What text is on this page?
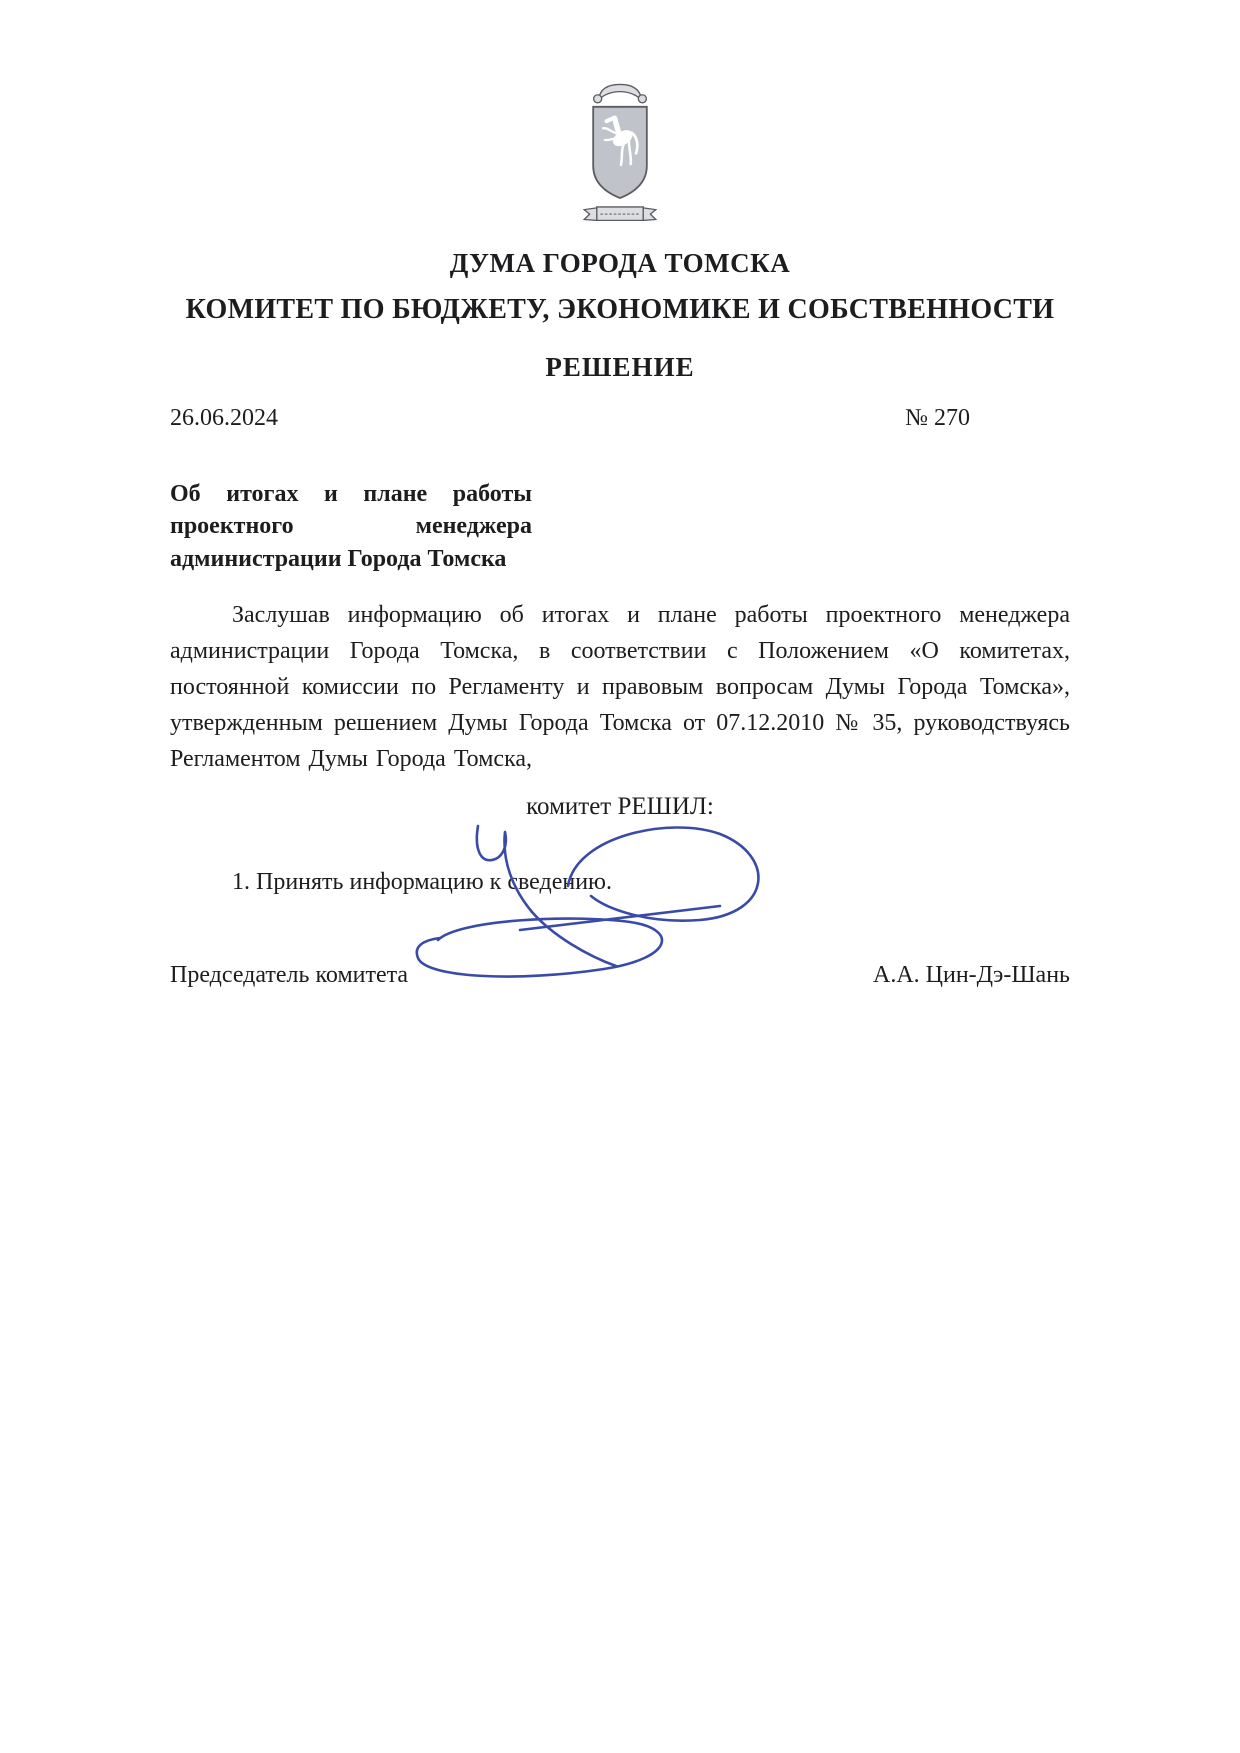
ДУМА ГОРОДА ТОМСКА
КОМИТЕТ ПО БЮДЖЕТУ, ЭКОНОМИКЕ И СОБСТВЕННОСТИ
РЕШЕНИЕ
26.06.2024	№ 270
Об итогах и плане работы проектного менеджера администрации Города Томска
Заслушав информацию об итогах и плане работы проектного менеджера администрации Города Томска, в соответствии с Положением «О комитетах, постоянной комиссии по Регламенту и правовым вопросам Думы Города Томска», утвержденным решением Думы Города Томска от 07.12.2010 № 35, руководствуясь Регламентом Думы Города Томска,
комитет РЕШИЛ:
1. Принять информацию к сведению.
Председатель комитета	А.А. Цин-Дэ-Шань
